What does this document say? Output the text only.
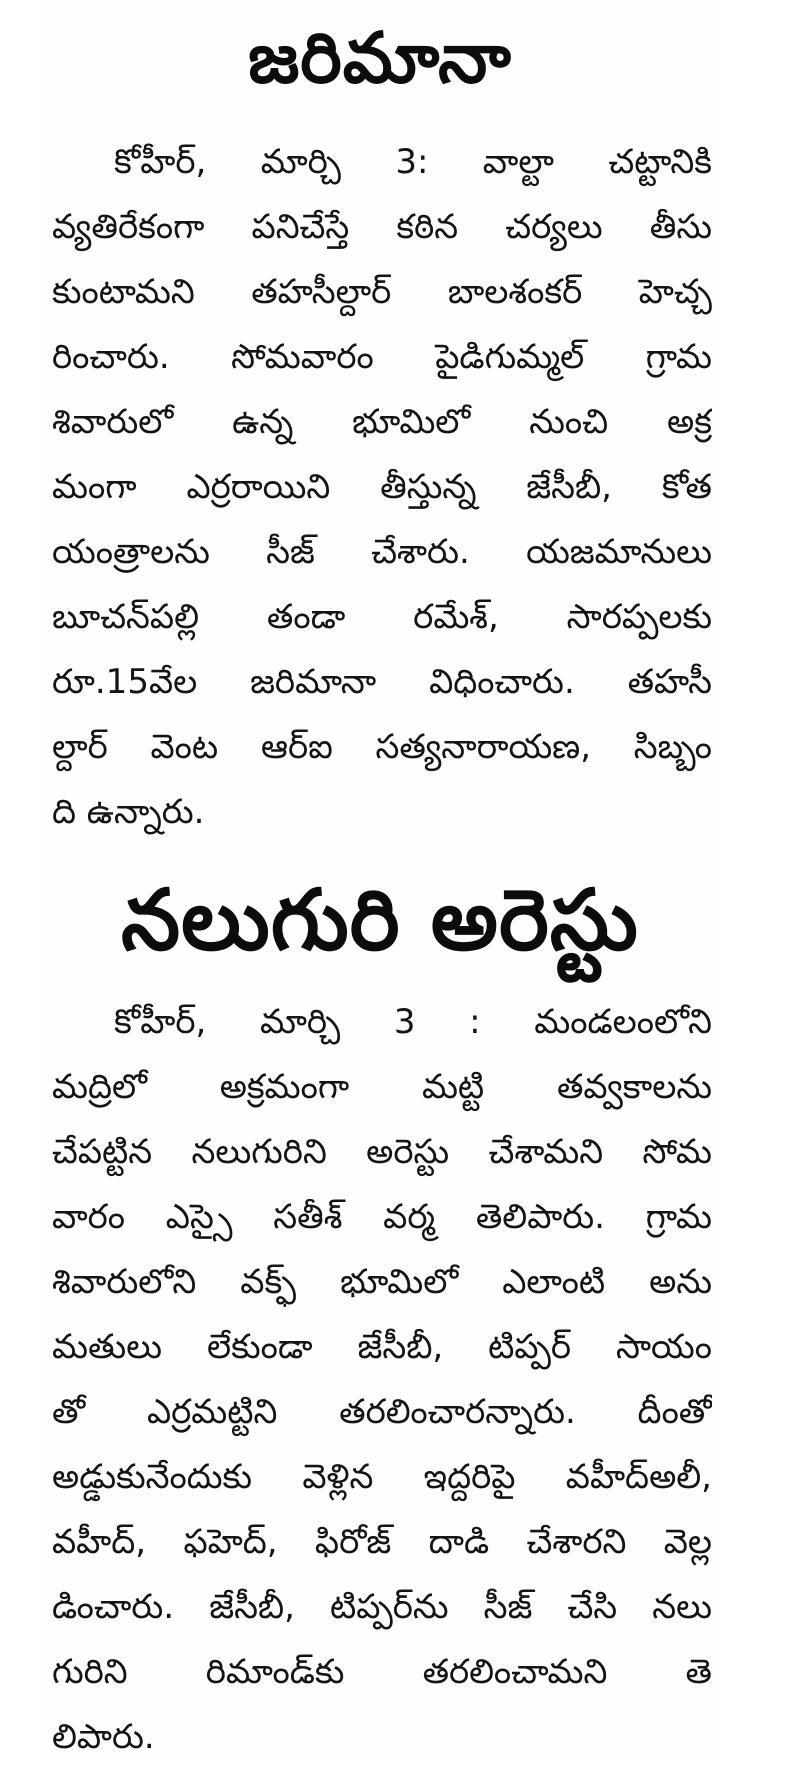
జరిమానా
కోహీర్, మార్చి 3: వాల్టా చట్టానికి
వ్యతిరేకంగా పనిచేస్తే కఠిన చర్యలు తీసు
కుంటామని తహసీల్దార్ బాలశంకర్ హెచ్చ
రించారు. సోమవారం పైడిగుమ్మల్ గ్రామ
శివారులో ఉన్న భూమిలో నుంచి అక్ర
మంగా ఎర్రరాయిని తీస్తున్న జేసీబీ, కోత
యంత్రాలను సీజ్ చేశారు. యజమానులు
బూచన్‌పల్లి తండా రమేశ్, సారప్పలకు
రూ.15వేల జరిమానా విధించారు. తహసీ
ల్దార్ వెంట ఆర్ఐ సత్యనారాయణ, సిబ్బం
ది ఉన్నారు.
నలుగురి అరెస్టు
కోహీర్, మార్చి 3 : మండలంలోని
మద్రిలో అక్రమంగా మట్టి తవ్వకాలను
చేపట్టిన నలుగురిని అరెస్టు చేశామని సోమ
వారం ఎస్సై సతీశ్ వర్మ తెలిపారు. గ్రామ
శివారులోని వక్ఫ్ భూమిలో ఎలాంటి అను
మతులు లేకుండా జేసీబీ, టిప్పర్ సాయం
తో ఎర్రమట్టిని తరలించారన్నారు. దీంతో
అడ్డుకునేందుకు వెళ్లిన ఇద్దరిపై వహీద్‌అలీ,
వహీద్, ఫహెద్, ఫిరోజ్ దాడి చేశారని వెల్ల
డించారు. జేసీబీ, టిప్పర్‌ను సీజ్ చేసి నలు
గురిని రిమాండ్‌కు తరలించామని తె
లిపారు.
